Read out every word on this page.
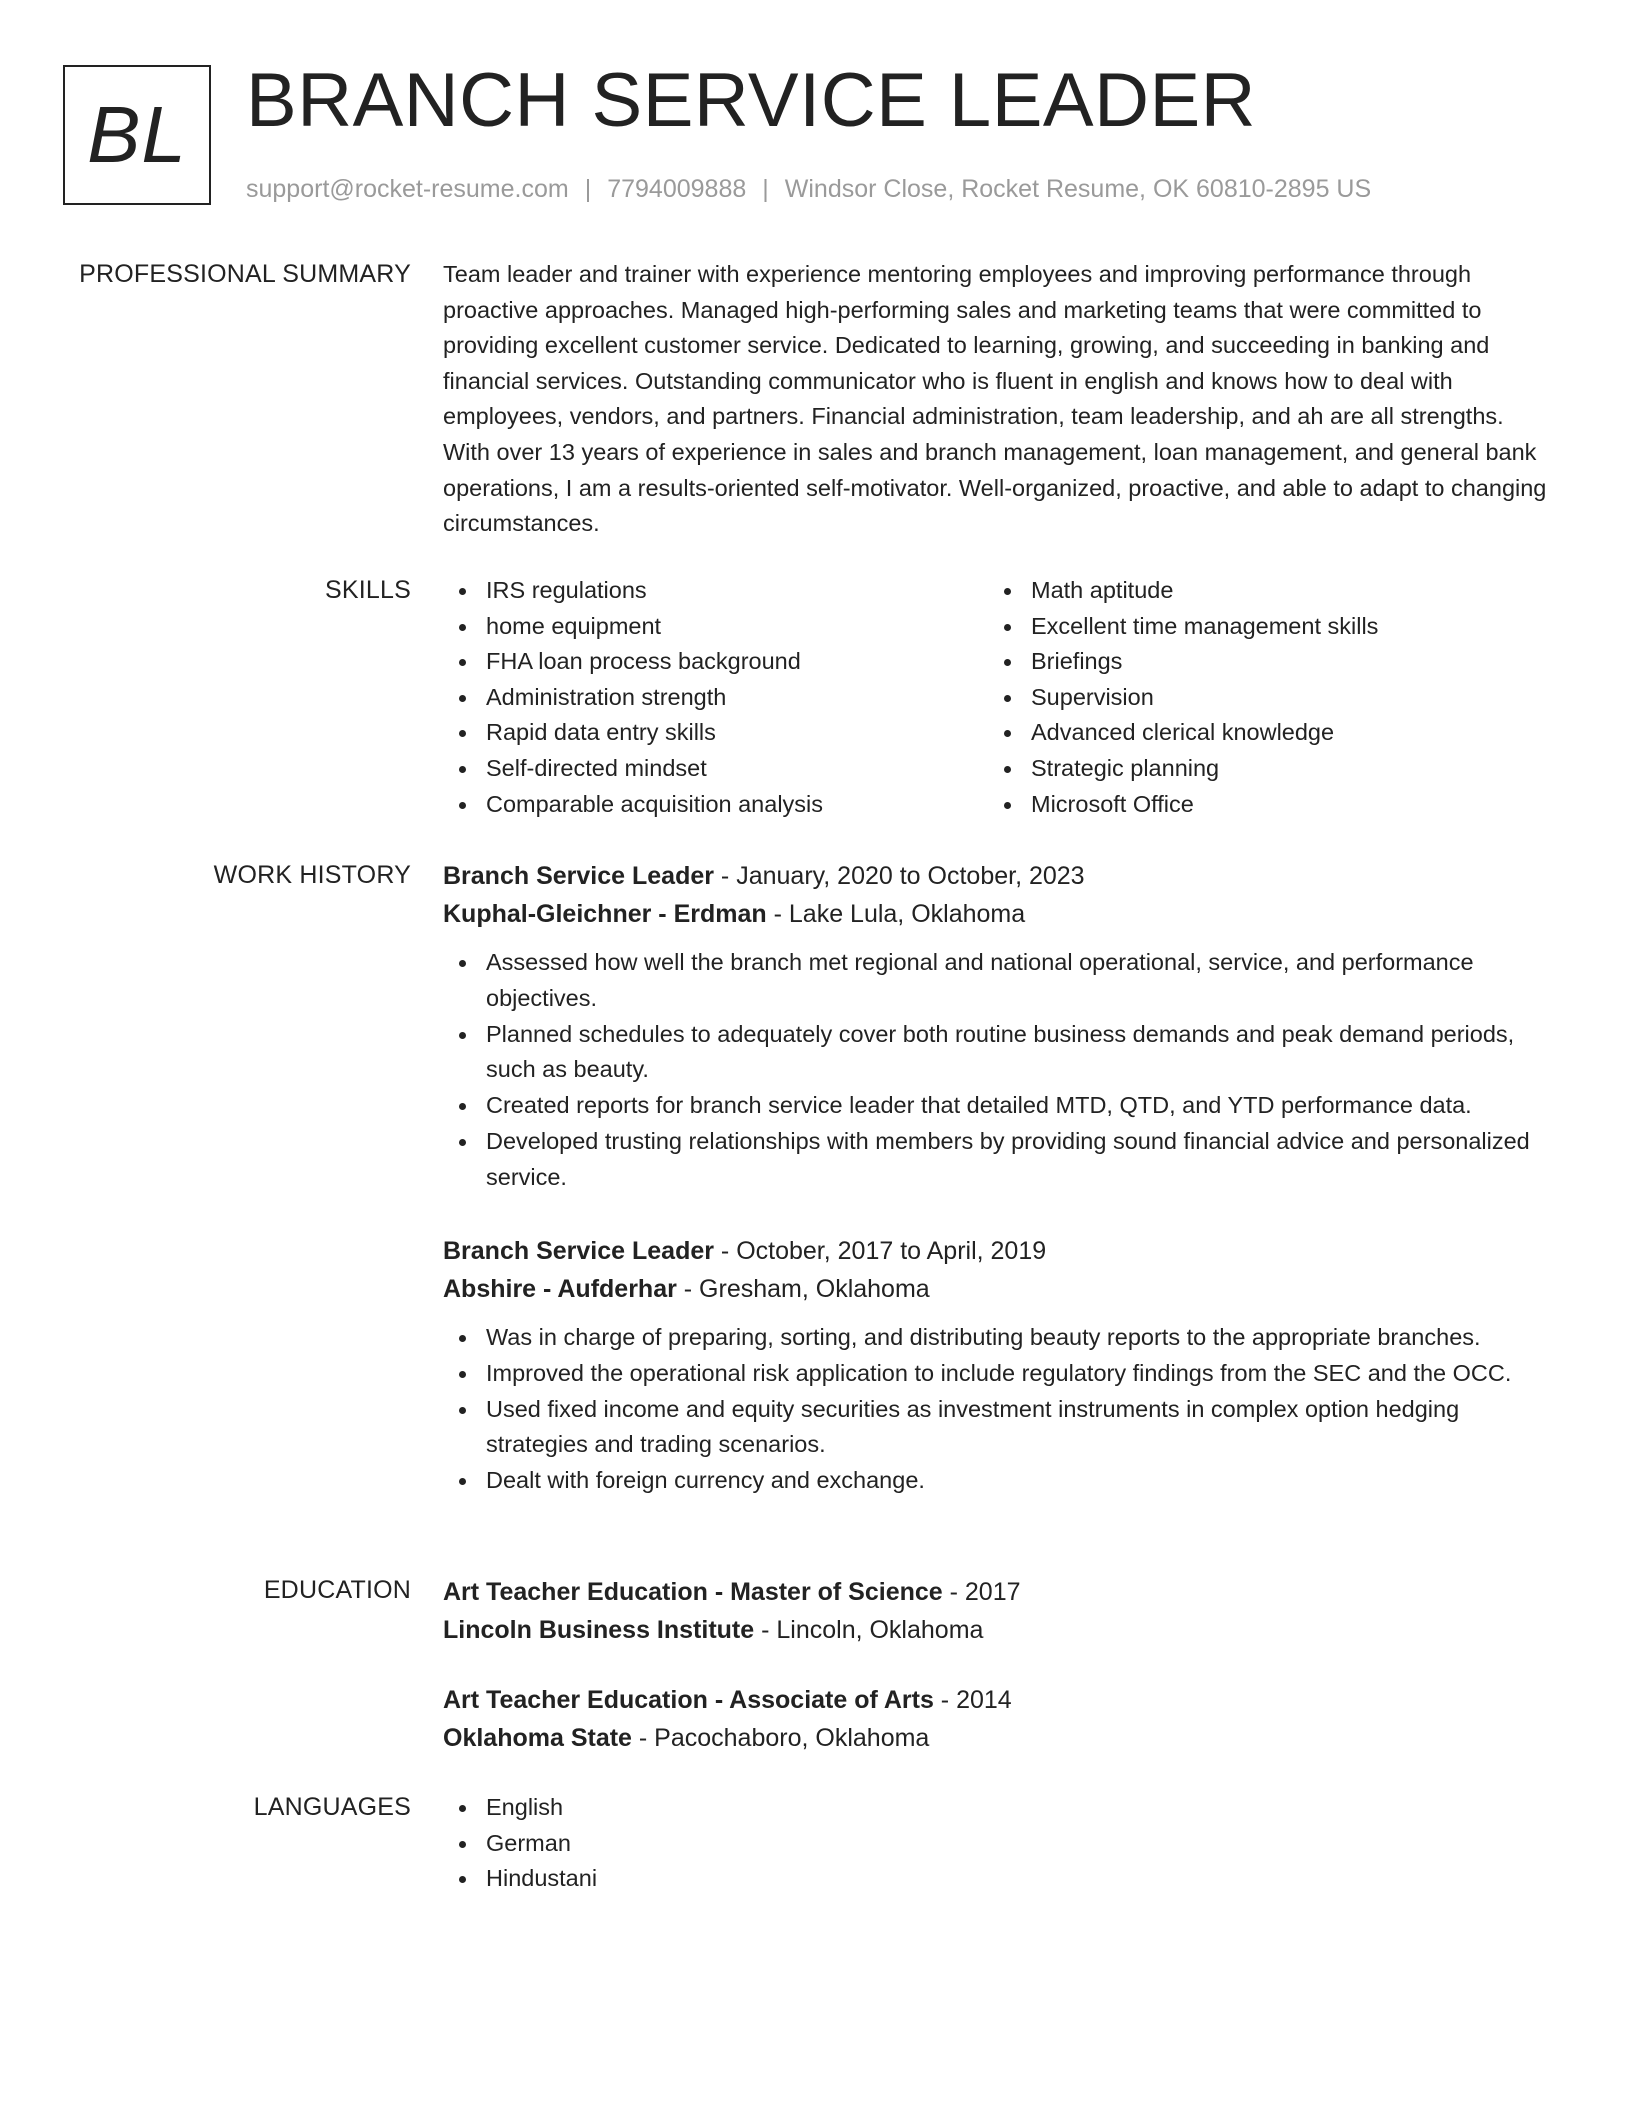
BL BRANCH SERVICE LEADER
support@rocket-resume.com | 7794009888 | Windsor Close, Rocket Resume, OK 60810-2895 US
PROFESSIONAL SUMMARY Team leader and trainer with experience mentoring employees and improving performance through proactive approaches. Managed high-performing sales and marketing teams that were committed to providing excellent customer service. Dedicated to learning, growing, and succeeding in banking and financial services. Outstanding communicator who is fluent in english and knows how to deal with employees, vendors, and partners. Financial administration, team leadership, and ah are all strengths. With over 13 years of experience in sales and branch management, loan management, and general bank operations, I am a results-oriented self-motivator. Well-organized, proactive, and able to adapt to changing circumstances.

SKILLS	IRS regulations
home equipment
FHA loan process background
Administration strength
Rapid data entry skills
Self-directed mindset
Comparable acquisition analysis
Math aptitude
Excellent time management skills
Briefings
Supervision
Advanced clerical knowledge
Strategic planning
Microsoft Office
WORK HISTORY Branch Service Leader - January, 2020 to October, 2023
Kuphal-Gleichner - Erdman - Lake Lula, Oklahoma
Assessed how well the branch met regional and national operational, service, and performance objectives.
Planned schedules to adequately cover both routine business demands and peak demand periods, such as beauty.
Created reports for branch service leader that detailed MTD, QTD, and YTD performance data.
Developed trusting relationships with members by providing sound financial advice and personalized service.
Branch Service Leader - October, 2017 to April, 2019
Abshire - Aufderhar - Gresham, Oklahoma
Was in charge of preparing, sorting, and distributing beauty reports to the appropriate branches.
Improved the operational risk application to include regulatory findings from the SEC and the OCC.
Used fixed income and equity securities as investment instruments in complex option hedging strategies and trading scenarios.
Dealt with foreign currency and exchange.
EDUCATION Art Teacher Education - Master of Science - 2017
Lincoln Business Institute - Lincoln, Oklahoma
Art Teacher Education - Associate of Arts - 2014
Oklahoma State - Pacochaboro, Oklahoma
LANGUAGES	English
German
Hindustani
